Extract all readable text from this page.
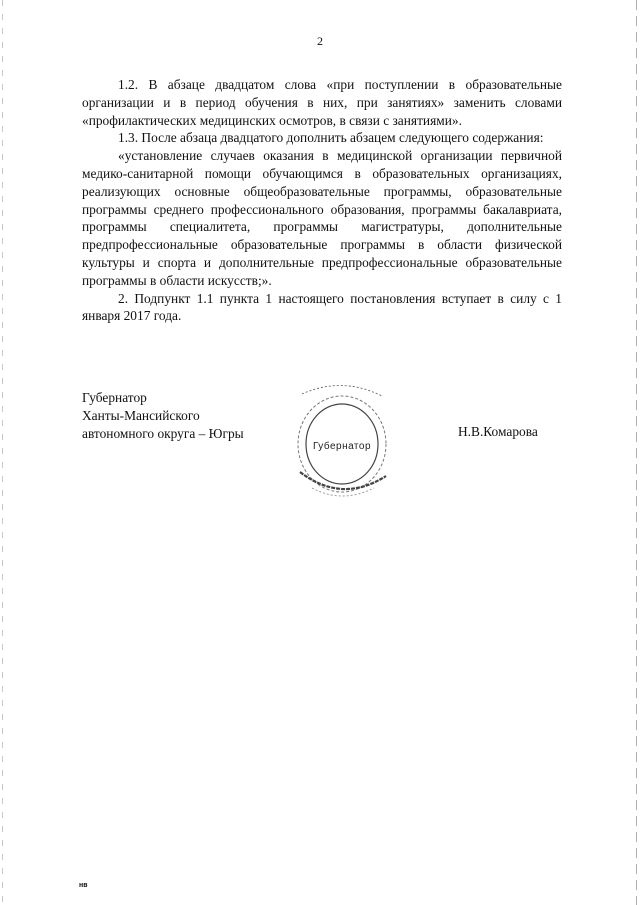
2

1.2. В абзаце двадцатом слова «при поступлении в образовательные организации и в период обучения в них, при занятиях» заменить словами «профилактических медицинских осмотров, в связи с занятиями».

1.3. После абзаца двадцатого дополнить абзацем следующего содержания:

«установление случаев оказания в медицинской организации первичной медико-санитарной помощи обучающимся в образовательных организациях, реализующих основные общеобразовательные программы, образовательные программы среднего профессионального образования, программы бакалавриата, программы специалитета, программы магистратуры, дополнительные предпрофессиональные образовательные программы в области физической культуры и спорта и дополнительные предпрофессиональные образовательные программы в области искусств;».

2. Подпункт 1.1 пункта 1 настоящего постановления вступает в силу с 1 января 2017 года.

Губернатор
Ханты-Мансийского
автономного округа – Югры
Губернатор
Н.В.Комарова
нв
